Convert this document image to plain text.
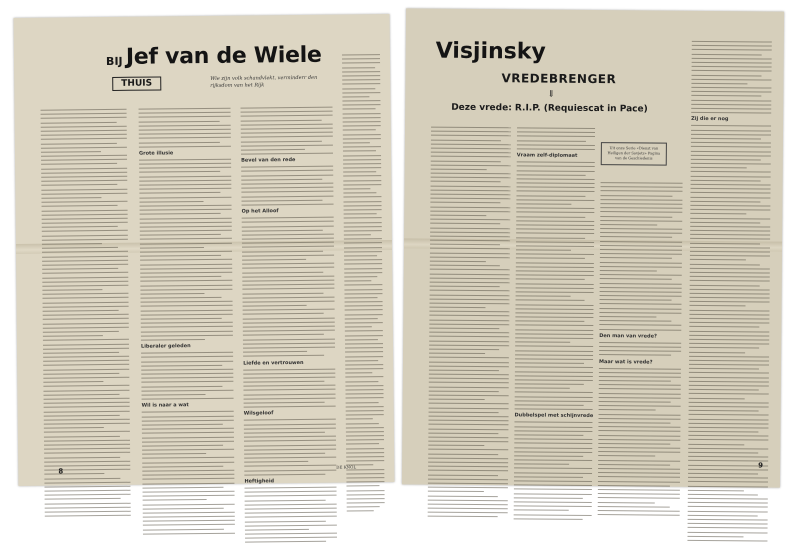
BIJ Jef van de Wiele
THUIS
Wie zijn volk schandvlekt, verminderr den rijksdom van het Rijk
Grote illusie
Liberaler geleden
Wil is naar a wat
Bevel van den rede
Op het Alloof
Liefde en vertrouwen
Wilsgeloof
Heftigheid
8
DE KNOL
Visjinsky
VREDEBRENGER
⇓
Deze vrede: R.I.P. (Requiescat in Pace)
Vraam zelf-diplomaat
Dubbelspel met schijnvrede
Uit onze Serie «Dienst van Heiligen der Sovjets» Pagina van de Geschiedenis
Den man van vrede?
Maar wat is vrede?
Zij die er nog
9
